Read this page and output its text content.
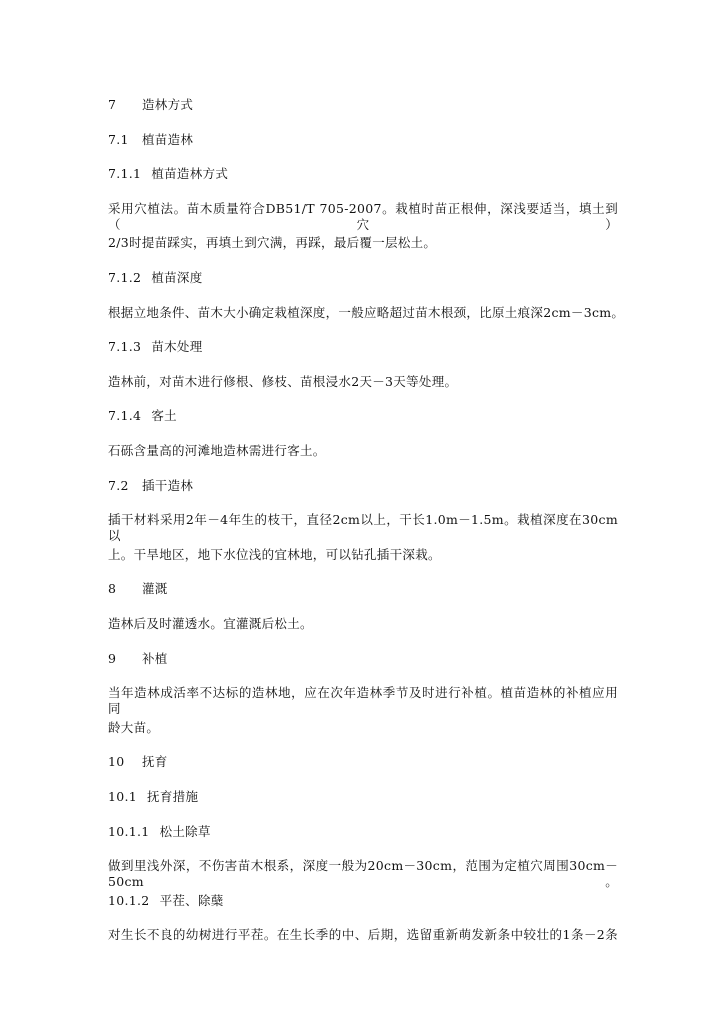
7 造林方式
7.1 植苗造林
7.1.1 植苗造林方式
采用穴植法。苗木质量符合DB51/T 705-2007。栽植时苗正根伸，深浅要适当，填土到（穴）
2/3时提苗踩实，再填土到穴满，再踩，最后覆一层松土。
7.1.2 植苗深度
根据立地条件、苗木大小确定栽植深度，一般应略超过苗木根颈，比原土痕深2cm－3cm。
7.1.3 苗木处理
造林前，对苗木进行修根、修枝、苗根浸水2天－3天等处理。
7.1.4 客土
石砾含量高的河滩地造林需进行客土。
7.2 插干造林
插干材料采用2年－4年生的枝干，直径2cm以上，干长1.0m－1.5m。栽植深度在30cm以
上。干旱地区，地下水位浅的宜林地，可以钻孔插干深栽。
8 灌溉
造林后及时灌透水。宜灌溉后松土。
9 补植
当年造林成活率不达标的造林地，应在次年造林季节及时进行补植。植苗造林的补植应用同
龄大苗。
10 抚育
10.1 抚育措施
10.1.1 松土除草
做到里浅外深，不伤害苗木根系，深度一般为20cm－30cm，范围为定植穴周围30cm－50cm。
10.1.2 平茬、除蘖
对生长不良的幼树进行平茬。在生长季的中、后期，选留重新萌发新条中较壮的1条－2条
